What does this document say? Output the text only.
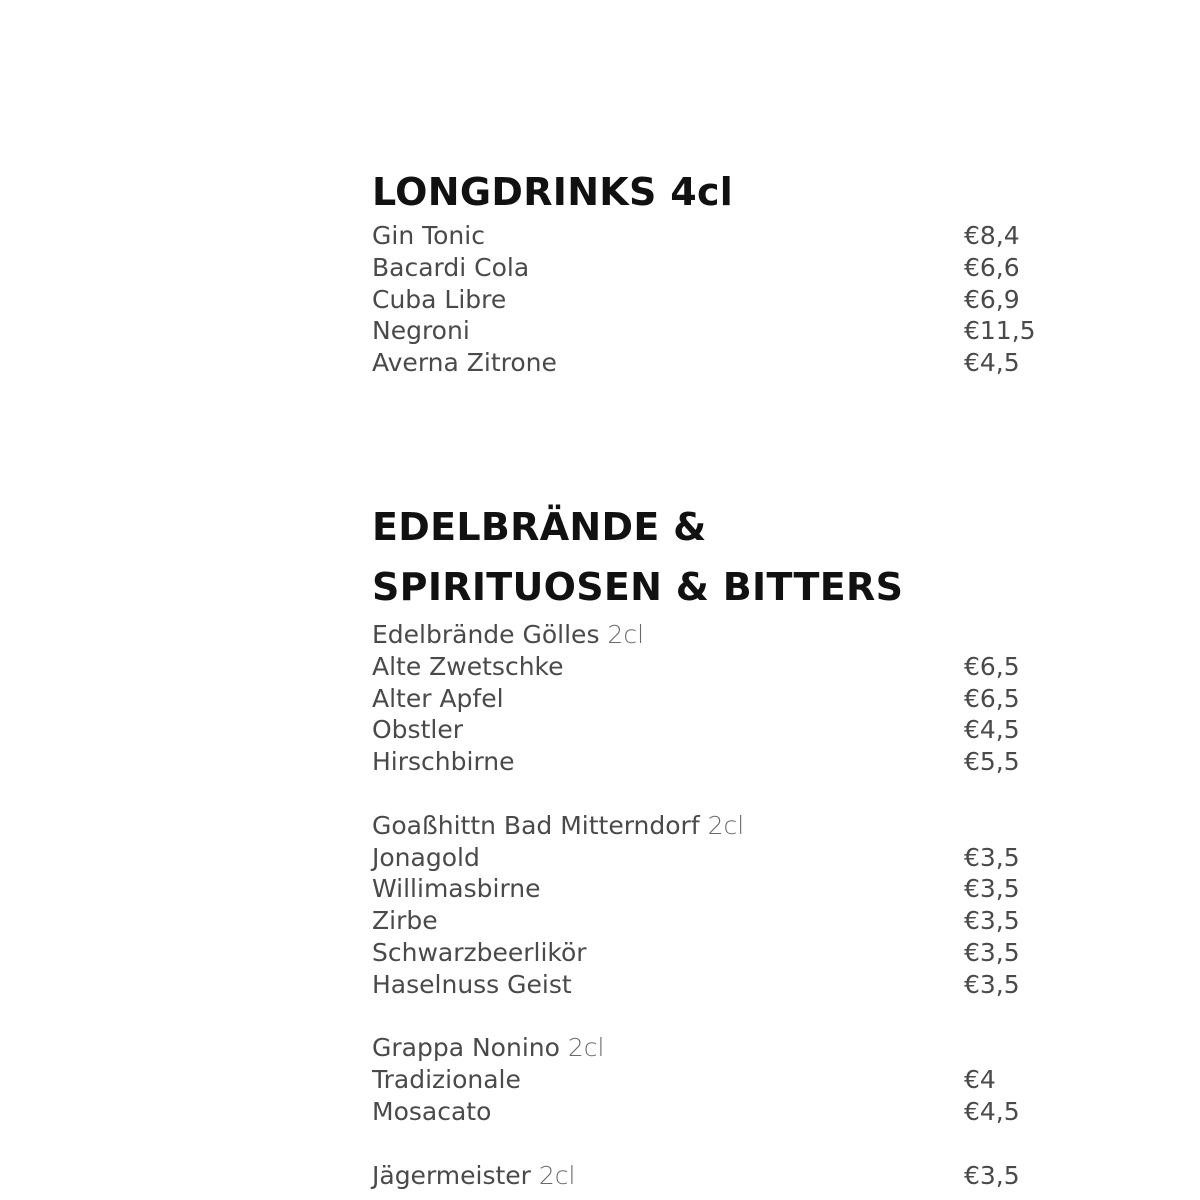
LONGDRINKS 4cl
Gin Tonic	€8,4
Bacardi Cola	€6,6
Cuba Libre	€6,9
Negroni	€11,5
Averna Zitrone	€4,5
EDELBRÄNDE &
SPIRITUOSEN & BITTERS
Edelbrände Gölles 2cl
Alte Zwetschke	€6,5
Alter Apfel	€6,5
Obstler	€4,5
Hirschbirne	€5,5
Goaßhittn Bad Mitterndorf 2cl
Jonagold	€3,5
Willimasbirne	€3,5
Zirbe	€3,5
Schwarzbeerlikör	€3,5
Haselnuss Geist	€3,5
Grappa Nonino 2cl
Tradizionale	€4
Mosacato	€4,5
Jägermeister 2cl	€3,5
